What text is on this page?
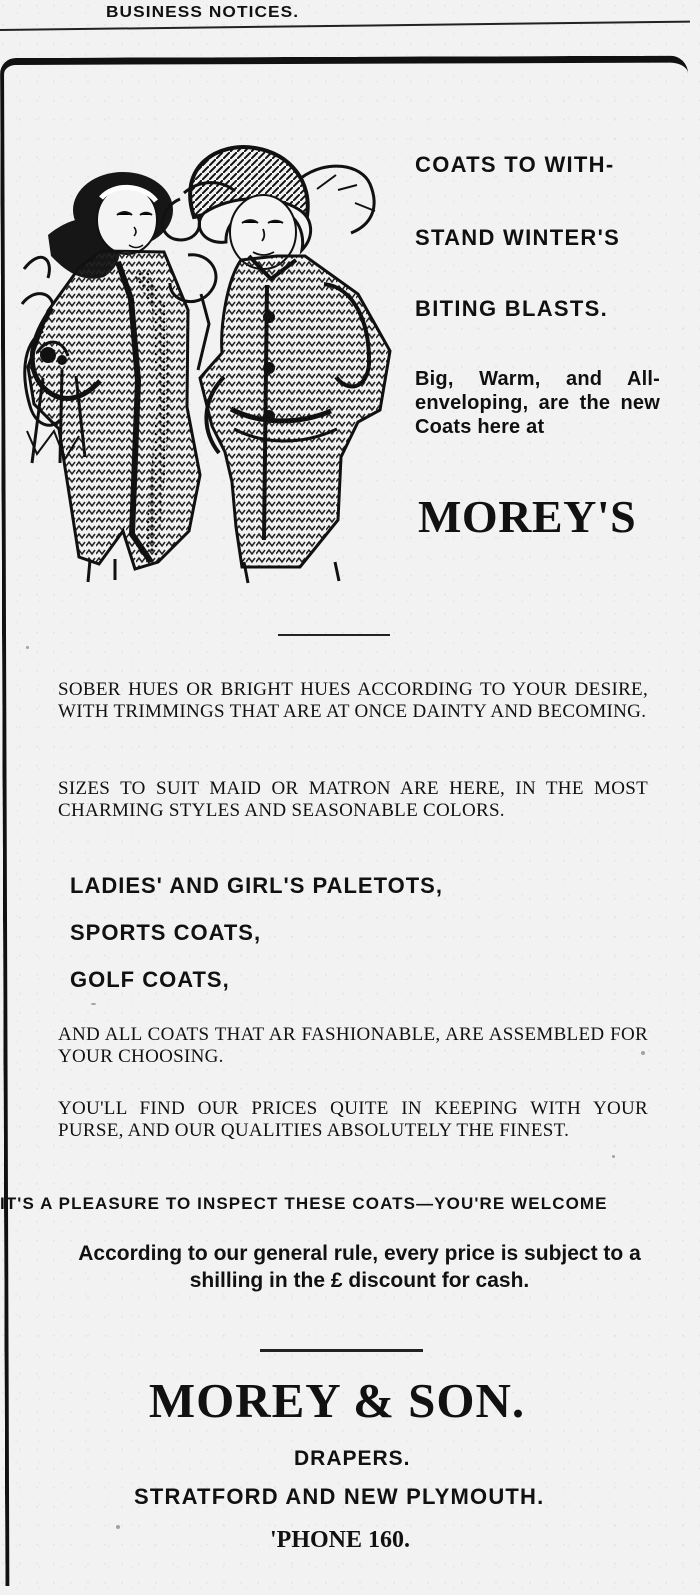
BUSINESS NOTICES.
COATS TO WITH-
STAND WINTER'S
BITING BLASTS.
Big, Warm, and All-enveloping, are the new Coats here at
MOREY'S
SOBER HUES OR BRIGHT HUES ACCORDING TO YOUR DESIRE, WITH TRIMMINGS THAT ARE AT ONCE DAINTY AND BECOMING.
SIZES TO SUIT MAID OR MATRON ARE HERE, IN THE MOST CHARMING STYLES AND SEASONABLE COLORS.
LADIES' AND GIRL'S PALETOTS,
SPORTS COATS,
GOLF COATS,
AND ALL COATS THAT AR FASHIONABLE, ARE ASSEMBLED FOR YOUR CHOOSING.
YOU'LL FIND OUR PRICES QUITE IN KEEPING WITH YOUR PURSE, AND OUR QUALITIES ABSOLUTELY THE FINEST.
IT'S A PLEASURE TO INSPECT THESE COATS—YOU'RE WELCOME
According to our general rule, every price is subject to a shilling in the £ discount for cash.
MOREY & SON.
DRAPERS.
STRATFORD AND NEW PLYMOUTH.
'PHONE 160.
